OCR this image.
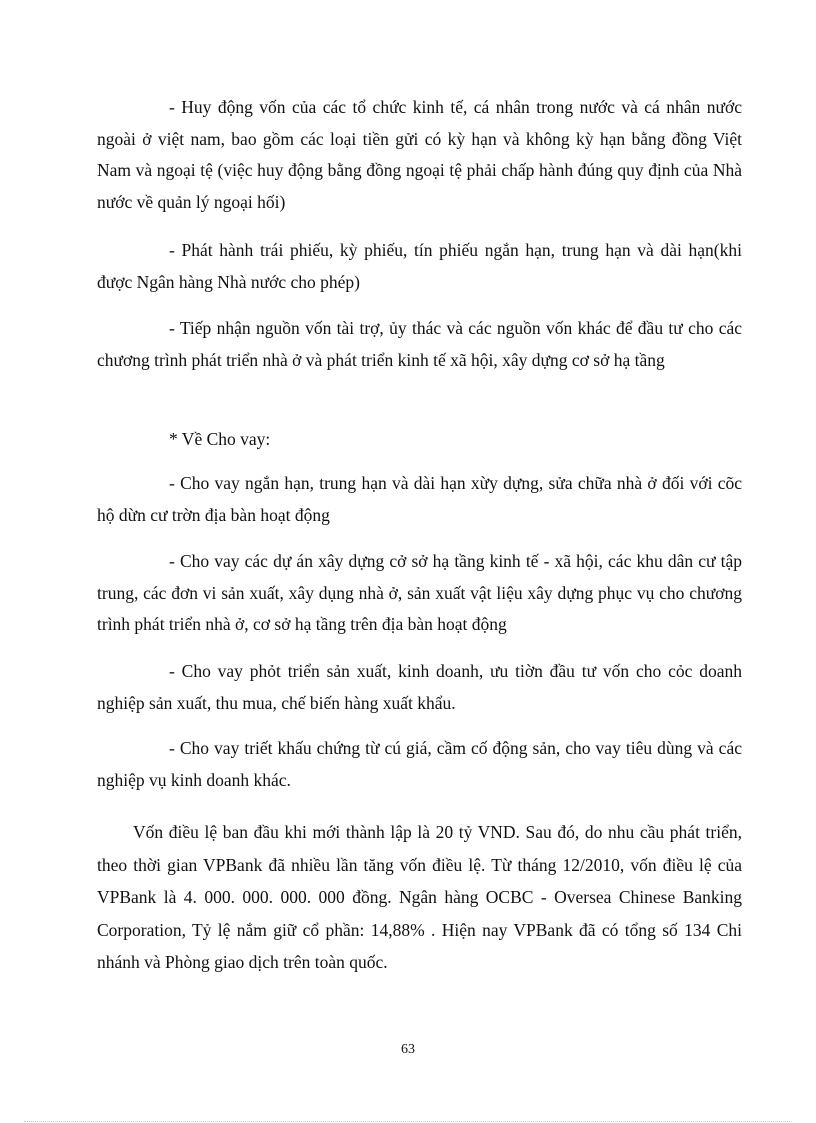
- Huy động vốn của các tổ chức kinh tế, cá nhân trong nước và cá nhân nước ngoài ở việt nam, bao gồm các loại tiền gửi có kỳ hạn và không kỳ hạn bằng đồng Việt Nam và ngoại tệ (việc huy động bằng đồng ngoại tệ phải chấp hành đúng quy định của Nhà nước về quản lý ngoại hối)

- Phát hành trái phiếu, kỳ phiếu, tín phiếu ngắn hạn, trung hạn và dài hạn(khi được Ngân hàng Nhà nước cho phép)

- Tiếp nhận nguồn vốn tài trợ, ủy thác và các nguồn vốn khác để đầu tư cho các chương trình phát triển nhà ở và phát triển kinh tế xã hội, xây dựng cơ sở hạ tầng

* Về Cho vay:

- Cho vay ngắn hạn, trung hạn và dài hạn xừy dựng, sửa chữa nhà ở đối với cõc hộ dừn cư trờn địa bàn hoạt động

- Cho vay các dự án xây dựng cở sở hạ tầng kinh tế - xã hội, các khu dân cư tập trung, các đơn vi sản xuất, xây dụng nhà ở, sản xuất vật liệu xây dựng phục vụ cho chương trình phát triển nhà ở, cơ sở hạ tầng trên địa bàn hoạt động

- Cho vay phỏt triển sản xuất, kinh doanh, ưu tiờn đầu tư vốn cho cỏc doanh nghiệp sản xuất, thu mua, chế biến hàng xuất khẩu.

- Cho vay triết khấu chứng từ cú giá, cầm cố động sản, cho vay tiêu dùng và các nghiệp vụ kinh doanh khác.

Vốn điều lệ ban đầu khi mới thành lập là 20 tỷ VND. Sau đó, do nhu cầu phát triển, theo thời gian VPBank đã nhiều lần tăng vốn điều lệ. Từ tháng 12/2010, vốn điều lệ của VPBank là 4. 000. 000. 000. 000 đồng. Ngân hàng OCBC - Oversea Chinese Banking Corporation, Tỷ lệ nắm giữ cổ phần: 14,88% . Hiện nay VPBank đã có tổng số 134 Chi nhánh và Phòng giao dịch trên toàn quốc.

63
